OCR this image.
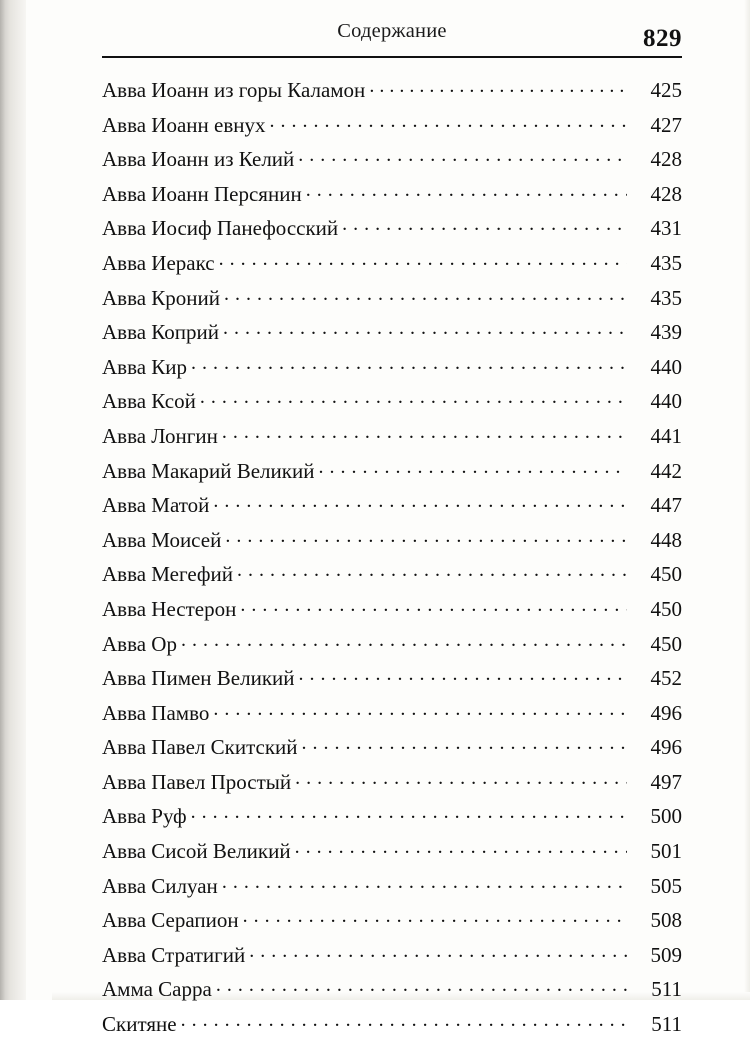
Содержание	829
Авва Иоанн из горы Каламон . . .	425
Авва Иоанн евнух . . .	427
Авва Иоанн из Келий . . .	428
Авва Иоанн Персянин . . .	428
Авва Иосиф Панефосский . . .	431
Авва Иеракс . . .	435
Авва Кроний . . .	435
Авва Коприй . . .	439
Авва Кир . . .	440
Авва Ксой . . .	440
Авва Лонгин . . .	441
Авва Макарий Великий . . .	442
Авва Матой . . .	447
Авва Моисей . . .	448
Авва Мегефий . . .	450
Авва Нестерон . . .	450
Авва Ор . . .	450
Авва Пимен Великий . . .	452
Авва Памво . . .	496
Авва Павел Скитский . . .	496
Авва Павел Простый . . .	497
Авва Руф . . .	500
Авва Сисой Великий . . .	501
Авва Силуан . . .	505
Авва Серапион . . .	508
Авва Стратигий . . .	509
Амма Сарра . . .	511
Скитяне . . .	511
